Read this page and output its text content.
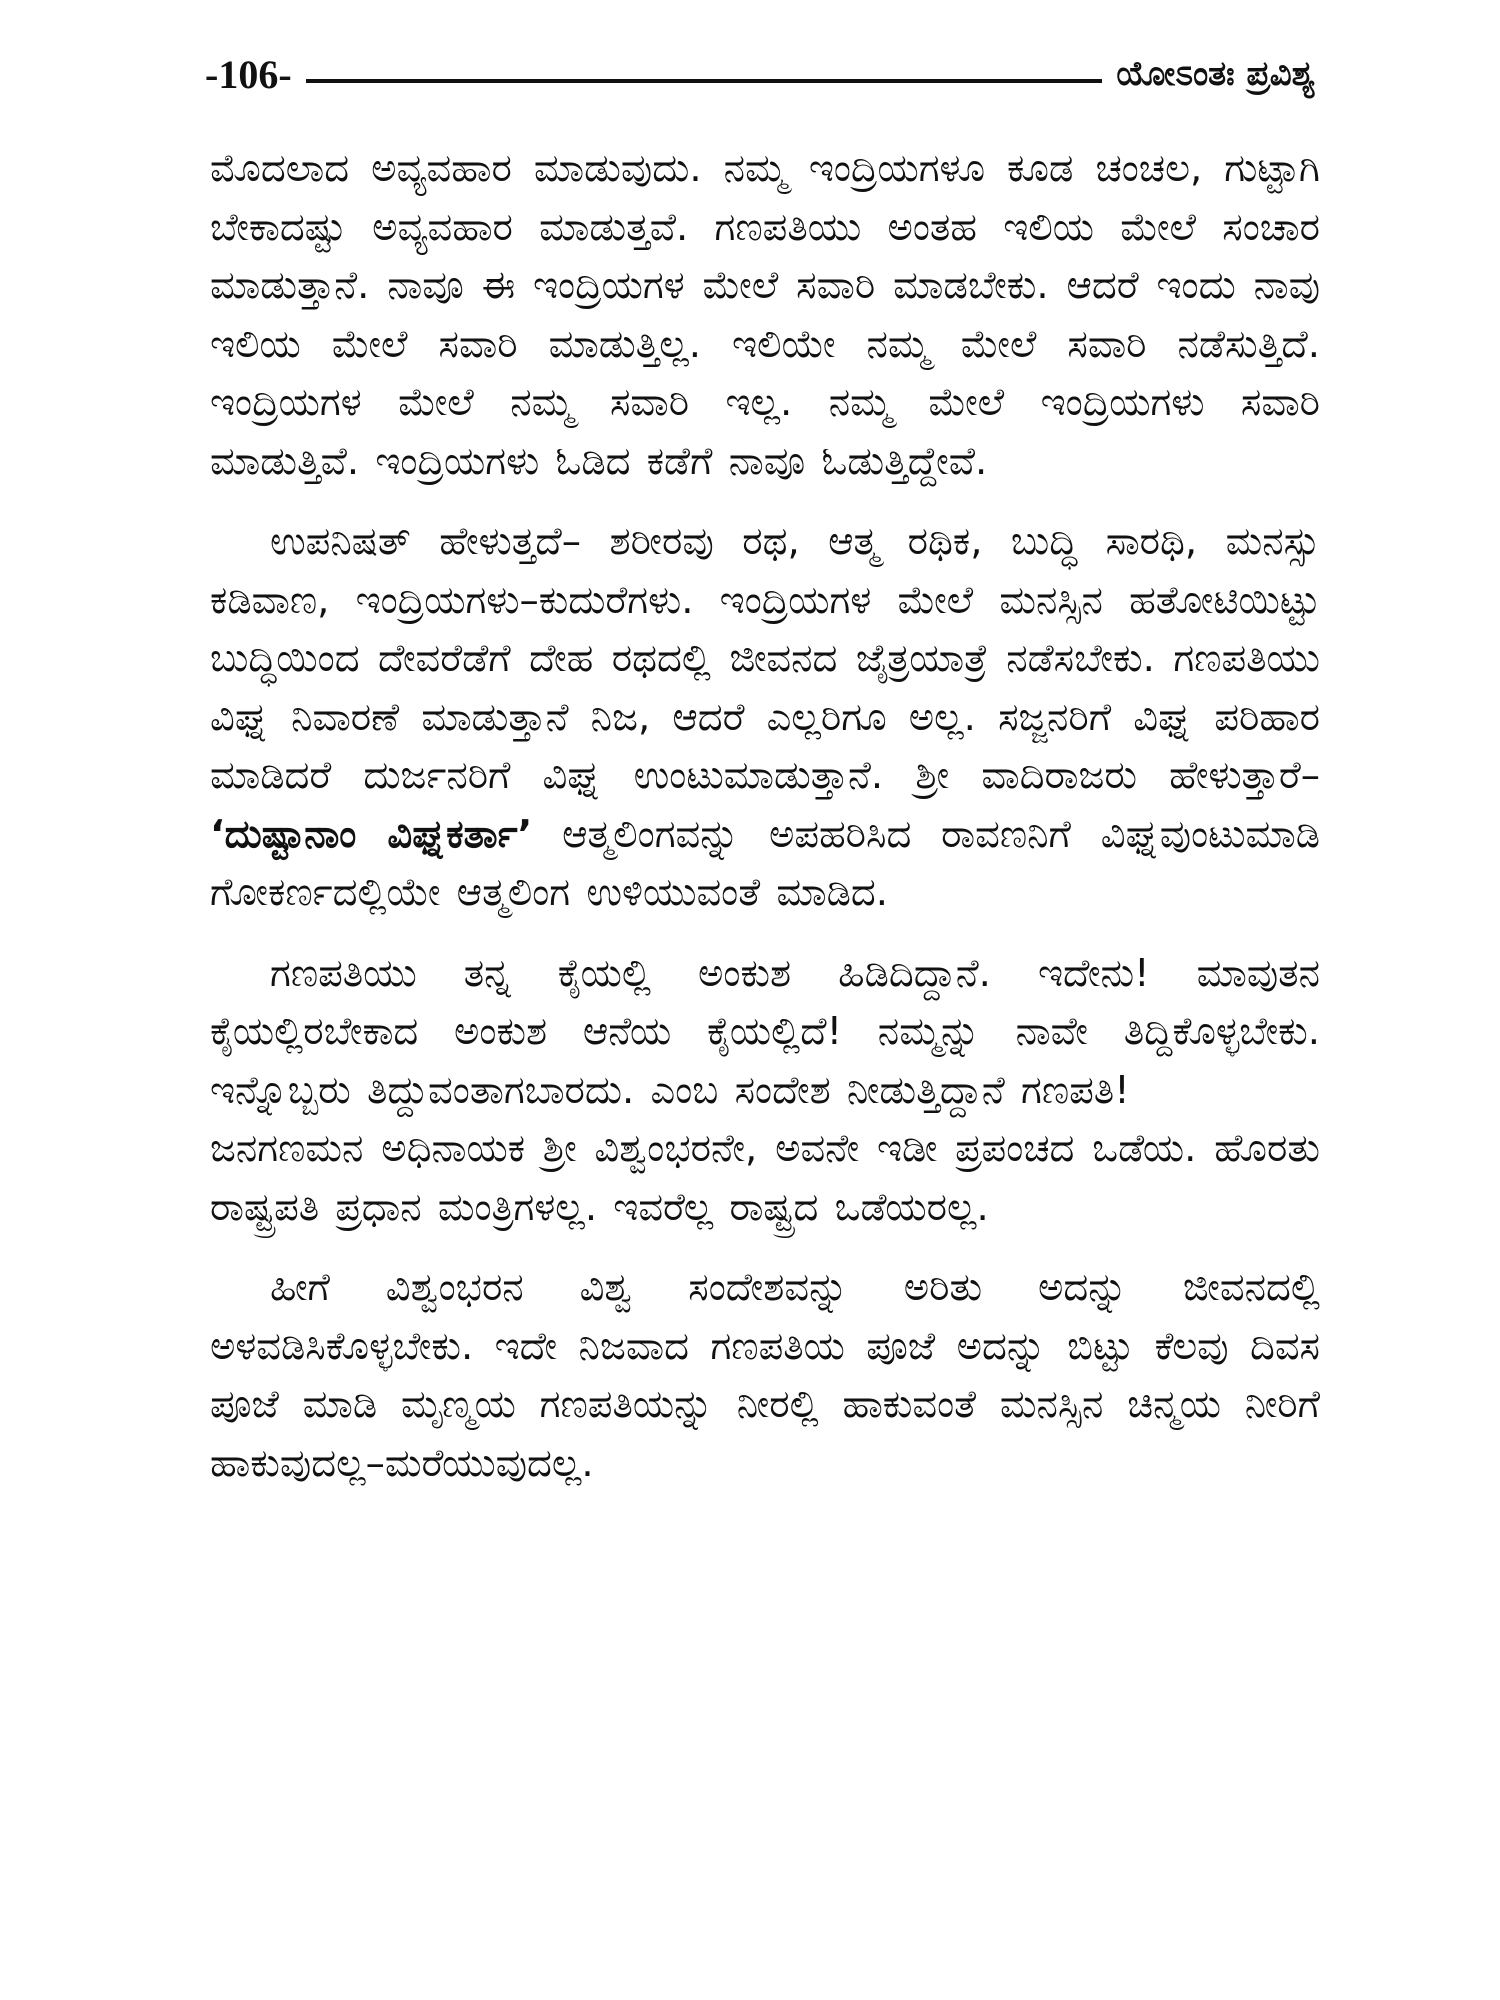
-106-	ಯೋಽಂತಃ ಪ್ರವಿಶ್ಯ

ಮೊದಲಾದ ಅವ್ಯವಹಾರ ಮಾಡುವುದು. ನಮ್ಮ ಇಂದ್ರಿಯಗಳೂ ಕೂಡ ಚಂಚಲ, ಗುಟ್ಟಾಗಿ ಬೇಕಾದಷ್ಟು ಅವ್ಯವಹಾರ ಮಾಡುತ್ತವೆ. ಗಣಪತಿಯು ಅಂತಹ ಇಲಿಯ ಮೇಲೆ ಸಂಚಾರ ಮಾಡುತ್ತಾನೆ. ನಾವೂ ಈ ಇಂದ್ರಿಯಗಳ ಮೇಲೆ ಸವಾರಿ ಮಾಡಬೇಕು. ಆದರೆ ಇಂದು ನಾವು ಇಲಿಯ ಮೇಲೆ ಸವಾರಿ ಮಾಡುತ್ತಿಲ್ಲ. ಇಲಿಯೇ ನಮ್ಮ ಮೇಲೆ ಸವಾರಿ ನಡೆಸುತ್ತಿದೆ. ಇಂದ್ರಿಯಗಳ ಮೇಲೆ ನಮ್ಮ ಸವಾರಿ ಇಲ್ಲ. ನಮ್ಮ ಮೇಲೆ ಇಂದ್ರಿಯಗಳು ಸವಾರಿ ಮಾಡುತ್ತಿವೆ. ಇಂದ್ರಿಯಗಳು ಓಡಿದ ಕಡೆಗೆ ನಾವೂ ಓಡುತ್ತಿದ್ದೇವೆ.

ಉಪನಿಷತ್ ಹೇಳುತ್ತದೆ– ಶರೀರವು ರಥ, ಆತ್ಮ ರಥಿಕ, ಬುದ್ಧಿ ಸಾರಥಿ, ಮನಸ್ಸು ಕಡಿವಾಣ, ಇಂದ್ರಿಯಗಳು–ಕುದುರೆಗಳು. ಇಂದ್ರಿಯಗಳ ಮೇಲೆ ಮನಸ್ಸಿನ ಹತೋಟಿಯಿಟ್ಟು ಬುದ್ಧಿಯಿಂದ ದೇವರೆಡೆಗೆ ದೇಹ ರಥದಲ್ಲಿ ಜೀವನದ ಜೈತ್ರಯಾತ್ರೆ ನಡೆಸಬೇಕು. ಗಣಪತಿಯು ವಿಘ್ನ ನಿವಾರಣೆ ಮಾಡುತ್ತಾನೆ ನಿಜ, ಆದರೆ ಎಲ್ಲರಿಗೂ ಅಲ್ಲ. ಸಜ್ಜನರಿಗೆ ವಿಘ್ನ ಪರಿಹಾರ ಮಾಡಿದರೆ ದುರ್ಜನರಿಗೆ ವಿಘ್ನ ಉಂಟುಮಾಡುತ್ತಾನೆ. ಶ್ರೀ ವಾದಿರಾಜರು ಹೇಳುತ್ತಾರೆ– ‘ದುಷ್ಟಾನಾಂ ವಿಘ್ನಕರ್ತಾ’ ಆತ್ಮಲಿಂಗವನ್ನು ಅಪಹರಿಸಿದ ರಾವಣನಿಗೆ ವಿಘ್ನವುಂಟುಮಾಡಿ ಗೋಕರ್ಣದಲ್ಲಿಯೇ ಆತ್ಮಲಿಂಗ ಉಳಿಯುವಂತೆ ಮಾಡಿದ.

ಗಣಪತಿಯು ತನ್ನ ಕೈಯಲ್ಲಿ ಅಂಕುಶ ಹಿಡಿದಿದ್ದಾನೆ. ಇದೇನು! ಮಾವುತನ ಕೈಯಲ್ಲಿರಬೇಕಾದ ಅಂಕುಶ ಆನೆಯ ಕೈಯಲ್ಲಿದೆ! ನಮ್ಮನ್ನು ನಾವೇ ತಿದ್ದಿಕೊಳ್ಳಬೇಕು. ಇನ್ನೊಬ್ಬರು ತಿದ್ದುವಂತಾಗಬಾರದು. ಎಂಬ ಸಂದೇಶ ನೀಡುತ್ತಿದ್ದಾನೆ ಗಣಪತಿ!

ಜನಗಣಮನ ಅಧಿನಾಯಕ ಶ್ರೀ ವಿಶ್ವಂಭರನೇ, ಅವನೇ ಇಡೀ ಪ್ರಪಂಚದ ಒಡೆಯ. ಹೊರತು ರಾಷ್ಟ್ರಪತಿ ಪ್ರಧಾನ ಮಂತ್ರಿಗಳಲ್ಲ. ಇವರೆಲ್ಲ ರಾಷ್ಟ್ರದ ಒಡೆಯರಲ್ಲ.

ಹೀಗೆ ವಿಶ್ವಂಭರನ ವಿಶ್ವ ಸಂದೇಶವನ್ನು ಅರಿತು ಅದನ್ನು ಜೀವನದಲ್ಲಿ ಅಳವಡಿಸಿಕೊಳ್ಳಬೇಕು. ಇದೇ ನಿಜವಾದ ಗಣಪತಿಯ ಪೂಜೆ ಅದನ್ನು ಬಿಟ್ಟು ಕೆಲವು ದಿವಸ ಪೂಜೆ ಮಾಡಿ ಮೃಣ್ಮಯ ಗಣಪತಿಯನ್ನು ನೀರಲ್ಲಿ ಹಾಕುವಂತೆ ಮನಸ್ಸಿನ ಚಿನ್ಮಯ ನೀರಿಗೆ ಹಾಕುವುದಲ್ಲ–ಮರೆಯುವುದಲ್ಲ.
